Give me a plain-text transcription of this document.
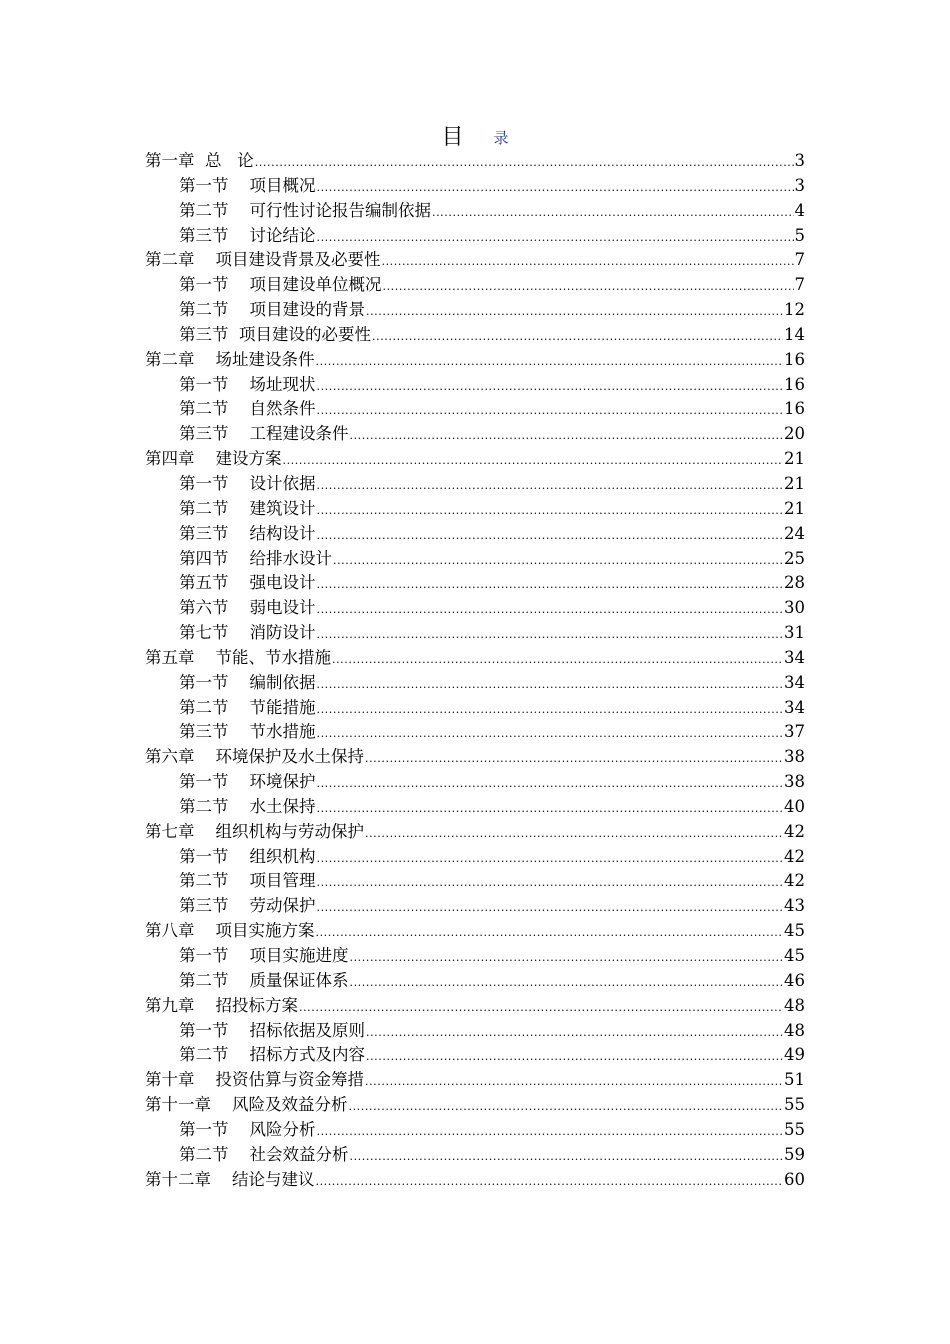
目 录
第一章  总   论 .....	3
第一节    项目概况 .....	3
第二节    可行性讨论报告编制依据 .....	4
第三节    讨论结论 .....	5
第二章    项目建设背景及必要性 .....	7
第一节    项目建设单位概况 .....	7
第二节    项目建设的背景 .....	12
第三节  项目建设的必要性 .....	14
第二章    场址建设条件 .....	16
第一节    场址现状 .....	16
第二节    自然条件 .....	16
第三节    工程建设条件 .....	20
第四章    建设方案 .....	21
第一节    设计依据 .....	21
第二节    建筑设计 .....	21
第三节    结构设计 .....	24
第四节    给排水设计 .....	25
第五节    强电设计 .....	28
第六节    弱电设计 .....	30
第七节    消防设计 .....	31
第五章    节能、节水措施 .....	34
第一节    编制依据 .....	34
第二节    节能措施 .....	34
第三节    节水措施 .....	37
第六章    环境保护及水土保持 .....	38
第一节    环境保护 .....	38
第二节    水土保持 .....	40
第七章    组织机构与劳动保护 .....	42
第一节    组织机构 .....	42
第二节    项目管理 .....	42
第三节    劳动保护 .....	43
第八章    项目实施方案 .....	45
第一节    项目实施进度 .....	45
第二节    质量保证体系 .....	46
第九章    招投标方案 .....	48
第一节    招标依据及原则 .....	48
第二节    招标方式及内容 .....	49
第十章    投资估算与资金筹措 .....	51
第十一章    风险及效益分析 .....	55
第一节    风险分析 .....	55
第二节    社会效益分析 .....	59
第十二章    结论与建议 .....	60
